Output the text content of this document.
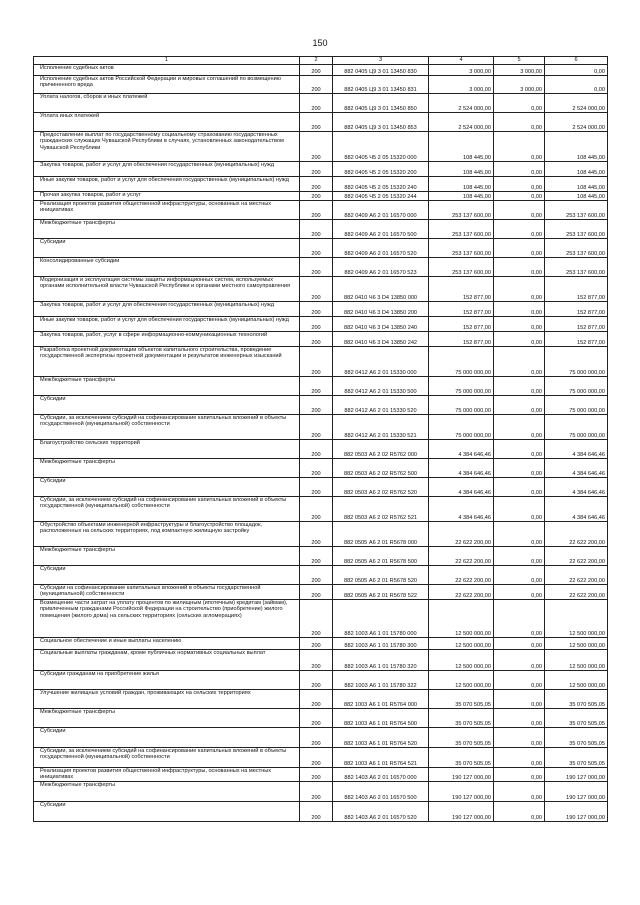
150
1	2	3	4	5	6
Исполнение судебных актов	200	882 0405 Ц9 3 01 13450 830	3 000,00	3 000,00	0,00
Исполнение судебных актов Российской Федерации и мировых соглашений по возмещению причиненного вреда	200	882 0405 Ц9 3 01 13450 831	3 000,00	3 000,00	0,00
Уплата налогов, сборов и иных платежей	200	882 0405 Ц9 3 01 13450 850	2 524 000,00	0,00	2 524 000,00
Уплата иных платежей	200	882 0405 Ц9 3 01 13450 853	2 524 000,00	0,00	2 524 000,00
Предоставление выплат по государственному социальному страхованию государственных гражданских служащих Чувашской Республики в случаях, установленных законодательством Чувашской Республики	200	882 0405 Ч5 2 05 15320 000	108 445,00	0,00	108 445,00
Закупка товаров, работ и услуг для обеспечения государственных (муниципальных) нужд	200	882 0405 Ч5 2 05 15320 200	108 445,00	0,00	108 445,00
Иные закупки товаров, работ и услуг для обеспечения государственных (муниципальных) нужд	200	882 0405 Ч5 2 05 15320 240	108 445,00	0,00	108 445,00
Прочая закупка товаров, работ и услуг	200	882 0405 Ч5 2 05 15320 244	108 445,00	0,00	108 445,00
Реализация проектов развития общественной инфраструктуры, основанных на местных инициативах	200	882 0409 А6 2 01 16570 000	253 137 600,00	0,00	253 137 600,00
Межбюджетные трансферты	200	882 0409 А6 2 01 16570 500	253 137 600,00	0,00	253 137 600,00
Субсидии	200	882 0409 А6 2 01 16570 520	253 137 600,00	0,00	253 137 600,00
Консолидированные субсидии	200	882 0409 А6 2 01 16570 523	253 137 600,00	0,00	253 137 600,00
Модернизация и эксплуатация системы защиты информационных систем, используемых органами исполнительной власти Чувашской Республики и органами местного самоуправления	200	882 0410 Ч6 3 D4 13850 000	152 877,00	0,00	152 877,00
Закупка товаров, работ и услуг для обеспечения государственных (муниципальных) нужд	200	882 0410 Ч6 3 D4 13850 200	152 877,00	0,00	152 877,00
Иные закупки товаров, работ и услуг для обеспечения государственных (муниципальных) нужд	200	882 0410 Ч6 3 D4 13850 240	152 877,00	0,00	152 877,00
Закупка товаров, работ, услуг в сфере информационно-коммуникационных технологий	200	882 0410 Ч6 3 D4 13850 242	152 877,00	0,00	152 877,00
Разработка проектной документации объектов капитального строительства, проведение государственной экспертизы проектной документации и результатов инженерных изысканий	200	882 0412 А6 2 01 15330 000	75 000 000,00	0,00	75 000 000,00
Межбюджетные трансферты	200	882 0412 А6 2 01 15330 500	75 000 000,00	0,00	75 000 000,00
Субсидии	200	882 0412 А6 2 01 15330 520	75 000 000,00	0,00	75 000 000,00
Субсидии, за исключением субсидий на софинансирование капитальных вложений в объекты государственной (муниципальной) собственности	200	882 0412 А6 2 01 15330 521	75 000 000,00	0,00	75 000 000,00
Благоустройство сельских территорий	200	882 0503 А6 2 02 R5762 000	4 384 646,46	0,00	4 384 646,46
Межбюджетные трансферты	200	882 0503 А6 2 02 R5762 500	4 384 646,46	0,00	4 384 646,46
Субсидии	200	882 0503 А6 2 02 R5762 520	4 384 646,46	0,00	4 384 646,46
Субсидии, за исключением субсидий на софинансирование капитальных вложений в объекты государственной (муниципальной) собственности	200	882 0503 А6 2 02 R5762 521	4 384 646,46	0,00	4 384 646,46
Обустройство объектами инженерной инфраструктуры и благоустройство площадок, расположенных на сельских территориях, под компактную жилищную застройку	200	882 0505 А6 2 01 R5678 000	22 622 200,00	0,00	22 622 200,00
Межбюджетные трансферты	200	882 0505 А6 2 01 R5678 500	22 622 200,00	0,00	22 622 200,00
Субсидии	200	882 0505 А6 2 01 R5678 520	22 622 200,00	0,00	22 622 200,00
Субсидии на софинансирование капитальных вложений в объекты государственной (муниципальной) собственности	200	882 0505 А6 2 01 R5678 522	22 622 200,00	0,00	22 622 200,00
Возмещение части затрат на уплату процентов по жилищным (ипотечным) кредитам (займам), привлеченным гражданами Российской Федерации на строительство (приобретение) жилого помещения (жилого дома) на сельских территориях (сельских агломерациях)	200	882 1003 А6 1 01 15780 000	12 500 000,00	0,00	12 500 000,00
Социальное обеспечение и иные выплаты населению	200	882 1003 А6 1 01 15780 300	12 500 000,00	0,00	12 500 000,00
Социальные выплаты гражданам, кроме публичных нормативных социальных выплат	200	882 1003 А6 1 01 15780 320	12 500 000,00	0,00	12 500 000,00
Субсидии гражданам на приобретение жилья	200	882 1003 А6 1 01 15780 322	12 500 000,00	0,00	12 500 000,00
Улучшение жилищных условий граждан, проживающих на сельских территориях	200	882 1003 А6 1 01 R5764 000	35 070 505,05	0,00	35 070 505,05
Межбюджетные трансферты	200	882 1003 А6 1 01 R5764 500	35 070 505,05	0,00	35 070 505,05
Субсидии	200	882 1003 А6 1 01 R5764 520	35 070 505,05	0,00	35 070 505,05
Субсидии, за исключением субсидий на софинансирование капитальных вложений в объекты государственной (муниципальной) собственности	200	882 1003 А6 1 01 R5764 521	35 070 505,05	0,00	35 070 505,05
Реализация проектов развития общественной инфраструктуры, основанных на местных инициативах	200	882 1403 А6 2 01 16570 000	190 127 000,00	0,00	190 127 000,00
Межбюджетные трансферты	200	882 1403 А6 2 01 16570 500	190 127 000,00	0,00	190 127 000,00
Субсидии	200	882 1403 А6 2 01 16570 520	190 127 000,00	0,00	190 127 000,00
